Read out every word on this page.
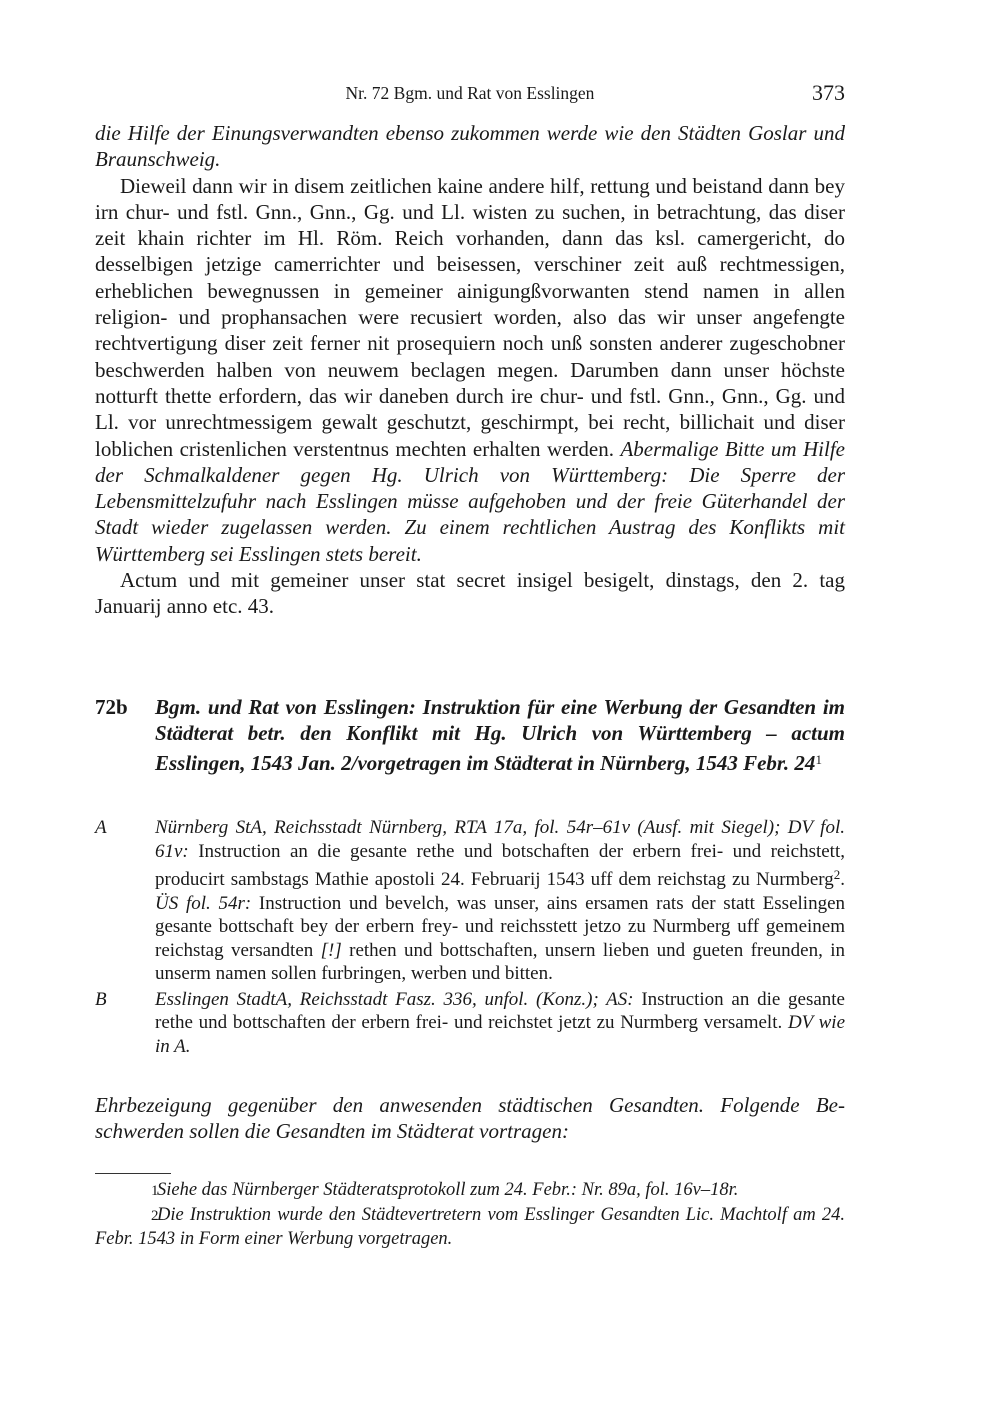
Nr. 72 Bgm. und Rat von Esslingen	373

die Hilfe der Einungsverwandten ebenso zukommen werde wie den Städten Goslar und Braunschweig.

Dieweil dann wir in disem zeitlichen kaine andere hilf, rettung und beistand dann bey irn chur- und fstl. Gnn., Gnn., Gg. und Ll. wisten zu suchen, in betrachtung, das diser zeit khain richter im Hl. Röm. Reich vorhanden, dann das ksl. camergericht, do desselbigen jetzige camerrichter und beisessen, verschiner zeit auß rechtmessigen, erheblichen bewegnussen in gemeiner ainigungßvorwanten stend namen in allen religion- und prophansachen were recusiert worden, also das wir unser angefengte rechtvertigung diser zeit ferner nit prosequiern noch unß sonsten anderer zugeschobner beschwerden halben von neuwem beclagen megen. Darumben dann unser höchste notturft thette erfordern, das wir daneben durch ire chur- und fstl. Gnn., Gnn., Gg. und Ll. vor unrechtmessigem gewalt geschutzt, geschirmpt, bei recht, billichait und diser loblichen cristenlichen verstentnus mechten erhalten werden. Abermalige Bitte um Hilfe der Schmalkaldener gegen Hg. Ulrich von Württemberg: Die Sperre der Lebensmittelzufuhr nach Esslingen müsse aufgehoben und der freie Güterhandel der Stadt wieder zugelassen werden. Zu einem rechtlichen Austrag des Konflikts mit Württemberg sei Esslingen stets bereit.

Actum und mit gemeiner unser stat secret insigel besigelt, dinstags, den 2. tag Januarij anno etc. 43.

72b Bgm. und Rat von Esslingen: Instruktion für eine Werbung der Gesandten im Städterat betr. den Konflikt mit Hg. Ulrich von Württemberg – actum Esslingen, 1543 Jan. 2/vorgetragen im Städterat in Nürnberg, 1543 Febr. $24^1$
A	Nürnberg StA, Reichsstadt Nürnberg, RTA 17a, fol. 54r–61v (Ausf. mit Siegel); DV fol. 61v: Instruction an die gesante rethe und botschaften der erbern frei- und reichstett, producirt sambstags Mathie apostoli 24. Februarij 1543 uff dem reichstag zu Nurmberg$^2$. ÜS fol. 54r: Instruction und bevelch, was unser, ains ersamen rats der statt Esselingen gesante bottschaft bey der erbern frey- und reichsstett jetzo zu Nurmberg uff gemeinem reichstag versandten [!] rethen und bottschaften, unsern lieben und gueten freunden, in unserm namen sollen furbringen, werben und bitten.
B	Esslingen StadtA, Reichsstadt Fasz. 336, unfol. (Konz.); AS: Instruction an die gesante rethe und bottschaften der erbern frei- und reichstet jetzt zu Nurmberg versamelt. DV wie in A.
Ehrbezeigung gegenüber den anwesenden städtischen Gesandten. Folgende Beschwerden sollen die Gesandten im Städterat vortragen:

1Siehe das Nürnberger Städteratsprotokoll zum 24. Febr.: Nr. 89a, fol. 16v–18r.

2Die Instruktion wurde den Städtevertretern vom Esslinger Gesandten Lic. Machtolf am 24. Febr. 1543 in Form einer Werbung vorgetragen.
